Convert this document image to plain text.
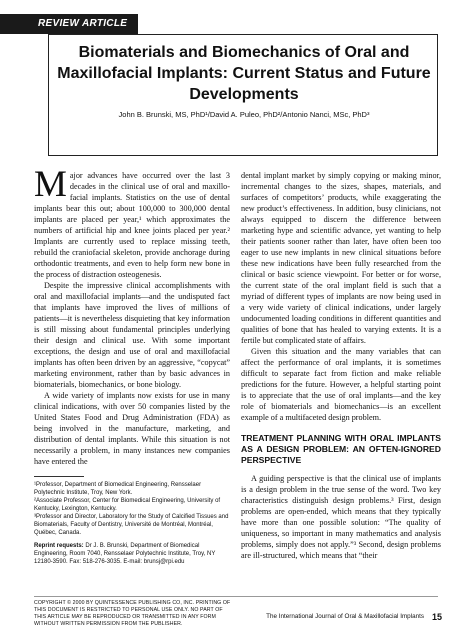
REVIEW ARTICLE
Biomaterials and Biomechanics of Oral and Maxillofacial Implants: Current Status and Future Developments
John B. Brunski, MS, PhD¹/David A. Puleo, PhD²/Antonio Nanci, MSc, PhD³

M ajor advances have occurred over the last 3 decades in the clinical use of oral and maxillo-facial implants. Statistics on the use of dental implants bear this out; about 100,000 to 300,000 dental implants are placed per year,¹ which approximates the numbers of artificial hip and knee joints placed per year.² Implants are currently used to replace missing teeth, rebuild the craniofacial skeleton, provide anchorage during orthodontic treatments, and even to help form new bone in the process of distraction osteogenesis.

Despite the impressive clinical accomplishments with oral and maxillofacial implants—and the undisputed fact that implants have improved the lives of millions of patients—it is nevertheless disquieting that key information is still missing about fundamental principles underlying their design and clinical use. With some important exceptions, the design and use of oral and maxillofacial implants has often been driven by an aggressive, “copycat” marketing environment, rather than by basic advances in biomaterials, biomechanics, or bone biology.

A wide variety of implants now exists for use in many clinical indications, with over 50 companies listed by the United States Food and Drug Administration (FDA) as being involved in the manufacture, marketing, and distribution of dental implants. While this situation is not necessarily a problem, in many instances new companies have entered the

¹Professor, Department of Biomedical Engineering, Rensselaer Polytechnic Institute, Troy, New York.

²Associate Professor, Center for Biomedical Engineering, University of Kentucky, Lexington, Kentucky.

³Professor and Director, Laboratory for the Study of Calcified Tissues and Biomaterials, Faculty of Dentistry, Université de Montréal, Montréal, Québec, Canada.

Reprint requests: Dr J. B. Brunski, Department of Biomedical Engineering, Room 7040, Rensselaer Polytechnic Institute, Troy, NY 12180-3590. Fax: 518-276-3035. E-mail: brunsj@rpi.edu

dental implant market by simply copying or making minor, incremental changes to the sizes, shapes, materials, and surfaces of competitors’ products, while exaggerating the new product’s effectiveness. In addition, busy clinicians, not always equipped to discern the difference between marketing hype and scientific advance, yet wanting to help their patients sooner rather than later, have often been too eager to use new implants in new clinical situations before these new indications have been fully researched from the clinical or basic science viewpoint. For better or for worse, the current state of the oral implant field is such that a myriad of different types of implants are now being used in a very wide variety of clinical indications, under largely undocumented loading conditions in different quantities and qualities of bone that has healed to varying extents. It is a fertile but complicated state of affairs.

Given this situation and the many variables that can affect the performance of oral implants, it is sometimes difficult to separate fact from fiction and make reliable predictions for the future. However, a helpful starting point is to appreciate that the use of oral implants—and the key role of biomaterials and biomechanics—is an excellent example of a multifaceted design problem.

TREATMENT PLANNING WITH ORAL IMPLANTS AS A DESIGN PROBLEM: AN OFTEN-IGNORED PERSPECTIVE

A guiding perspective is that the clinical use of implants is a design problem in the true sense of the word. Two key characteristics distinguish design problems.³ First, design problems are open-ended, which means that they typically have more than one possible solution: “The quality of uniqueness, so important in many mathematics and analysis problems, simply does not apply.”³ Second, design problems are ill-structured, which means that “their

COPYRIGHT © 2000 BY QUINTESSENCE PUBLISHING CO, INC. PRINTING OF THIS DOCUMENT IS RESTRICTED TO PERSONAL USE ONLY. NO PART OF THIS ARTICLE MAY BE REPRODUCED OR TRANSMITTED IN ANY FORM WITHOUT WRITTEN PERMISSION FROM THE PUBLISHER.
The International Journal of Oral & Maxillofacial Implants 15
